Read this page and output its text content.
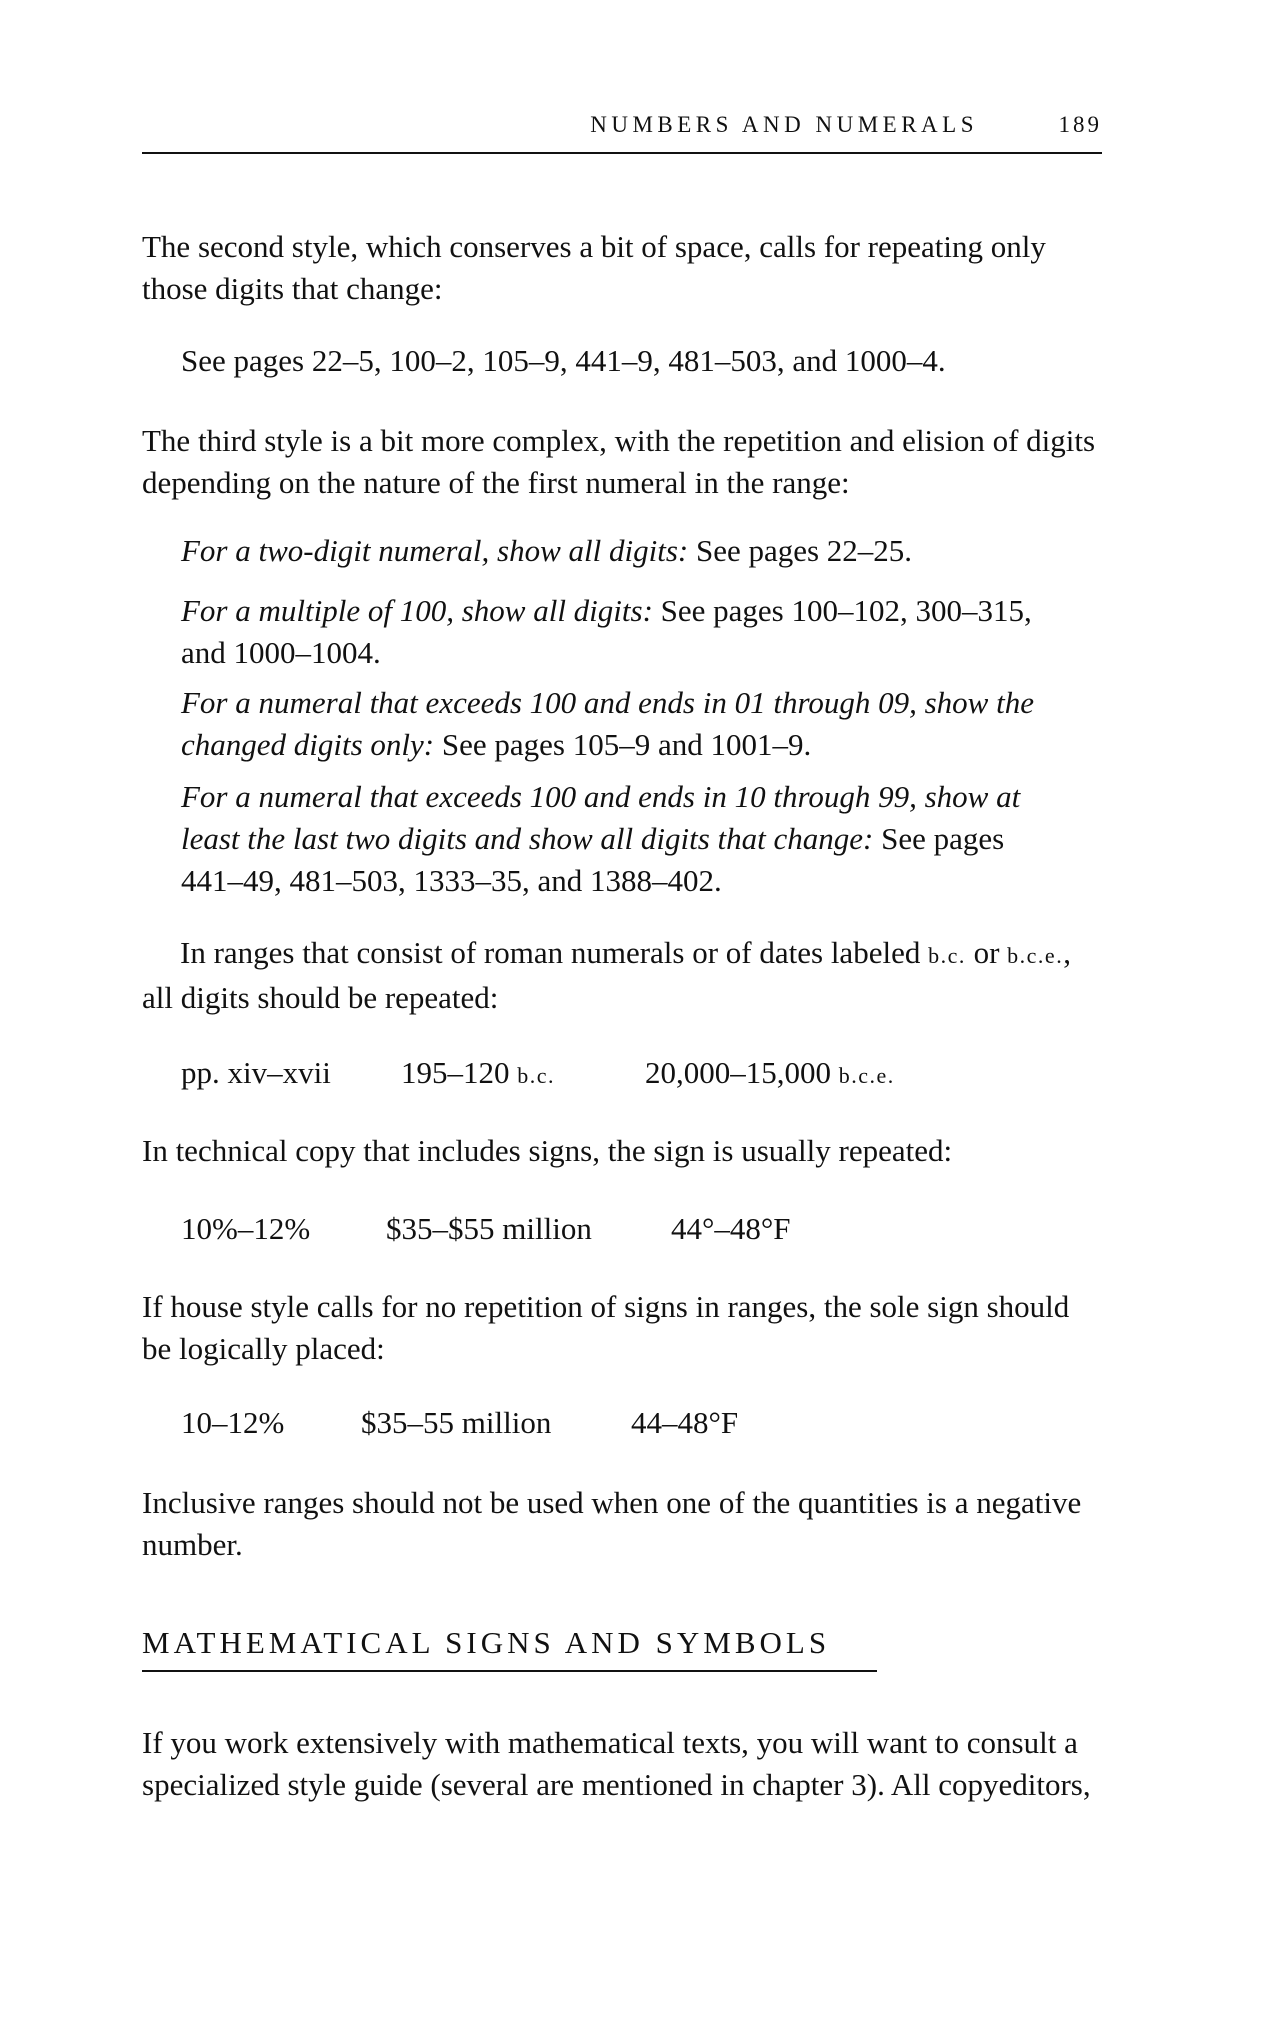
NUMBERS AND NUMERALS	189

The second style, which conserves a bit of space, calls for repeating only those digits that change:

See pages 22–5, 100–2, 105–9, 441–9, 481–503, and 1000–4.

The third style is a bit more complex, with the repetition and elision of digits depending on the nature of the first numeral in the range:

For a two-digit numeral, show all digits: See pages 22–25.

For a multiple of 100, show all digits: See pages 100–102, 300–315, and 1000–1004.

For a numeral that exceeds 100 and ends in 01 through 09, show the changed digits only: See pages 105–9 and 1001–9.

For a numeral that exceeds 100 and ends in 10 through 99, show at least the last two digits and show all digits that change: See pages 441–49, 481–503, 1333–35, and 1388–402.

In ranges that consist of roman numerals or of dates labeled b.c. or b.c.e., all digits should be repeated:

pp. xiv–xvii 195–120 b.c.	20,000–15,000 b.c.e.

In technical copy that includes signs, the sign is usually repeated:

10%–12% $35–$55 million	44°–48°F

If house style calls for no repetition of signs in ranges, the sole sign should be logically placed:

10–12% $35–55 million	44–48°F

Inclusive ranges should not be used when one of the quantities is a negative number.

MATHEMATICAL SIGNS AND SYMBOLS

If you work extensively with mathematical texts, you will want to consult a specialized style guide (several are mentioned in chapter 3). All copyeditors,
